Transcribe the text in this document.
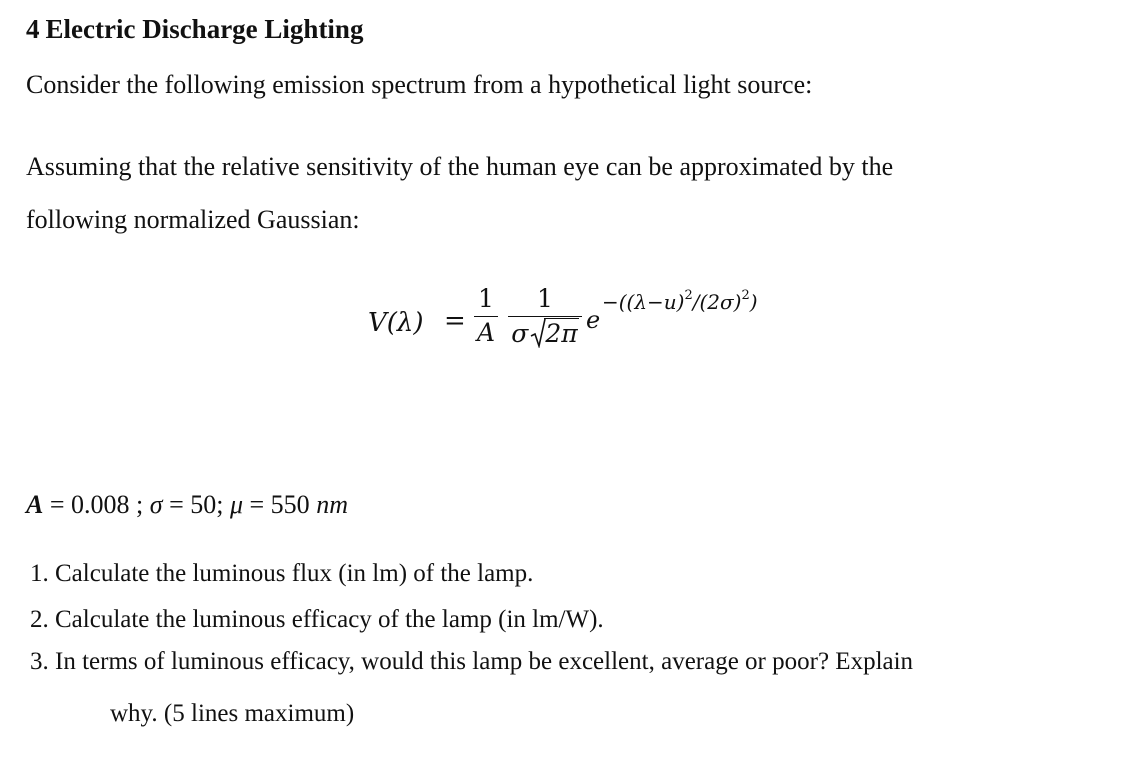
4 Electric Discharge Lighting
Consider the following emission spectrum from a hypothetical light source:
Assuming that the relative sensitivity of the human eye can be approximated by the
following normalized Gaussian:
V(λ) =
1
A
1
σ 2π e
$-((\lambda-u)^2/(2\sigma)^2)$
A = 0.008 ; σ = 50; μ = 550 nm
1. Calculate the luminous flux (in lm) of the lamp.
2. Calculate the luminous efficacy of the lamp (in lm/W).
3. In terms of luminous efficacy, would this lamp be excellent, average or poor? Explain
why. (5 lines maximum)
